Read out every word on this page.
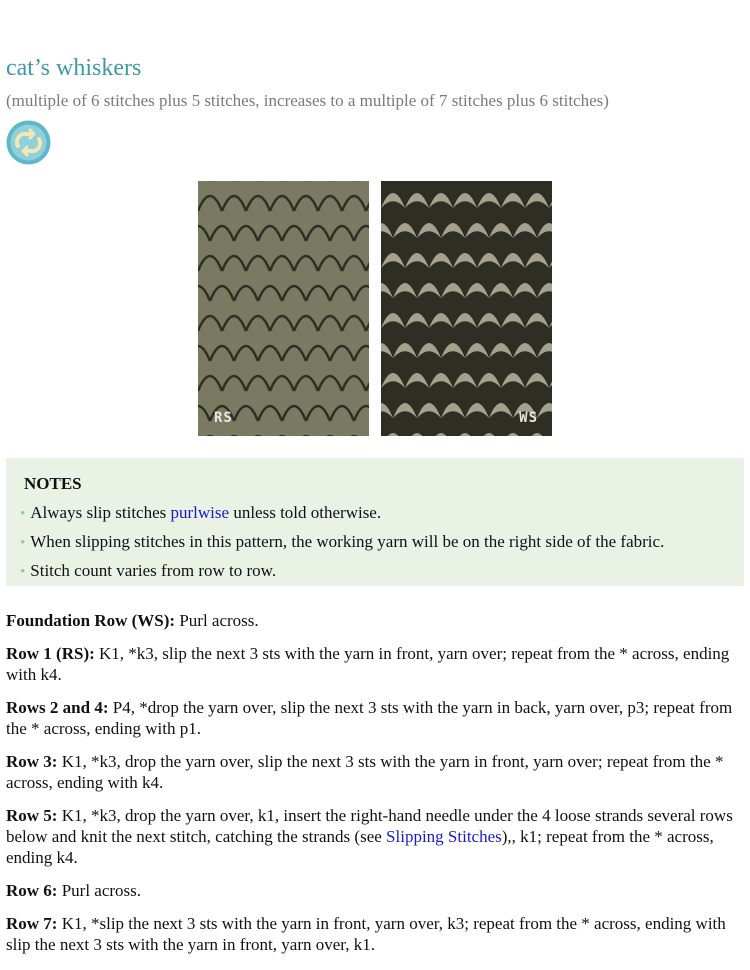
cat’s whiskers
(multiple of 6 stitches plus 5 stitches, increases to a multiple of 7 stitches plus 6 stitches)
RS	WS
NOTES
• Always slip stitches purlwise unless told otherwise.
• When slipping stitches in this pattern, the working yarn will be on the right side of the fabric.
• Stitch count varies from row to row.

Foundation Row (WS): Purl across.

Row 1 (RS): K1, *k3, slip the next 3 sts with the yarn in front, yarn over; repeat from the * across, ending with k4.

Rows 2 and 4: P4, *drop the yarn over, slip the next 3 sts with the yarn in back, yarn over, p3; repeat from the * across, ending with p1.

Row 3: K1, *k3, drop the yarn over, slip the next 3 sts with the yarn in front, yarn over; repeat from the * across, ending with k4.

Row 5: K1, *k3, drop the yarn over, k1, insert the right-hand needle under the 4 loose strands several rows below and knit the next stitch, catching the strands (see Slipping Stitches),, k1; repeat from the * across, ending k4.

Row 6: Purl across.

Row 7: K1, *slip the next 3 sts with the yarn in front, yarn over, k3; repeat from the * across, ending with slip the next 3 sts with the yarn in front, yarn over, k1.
